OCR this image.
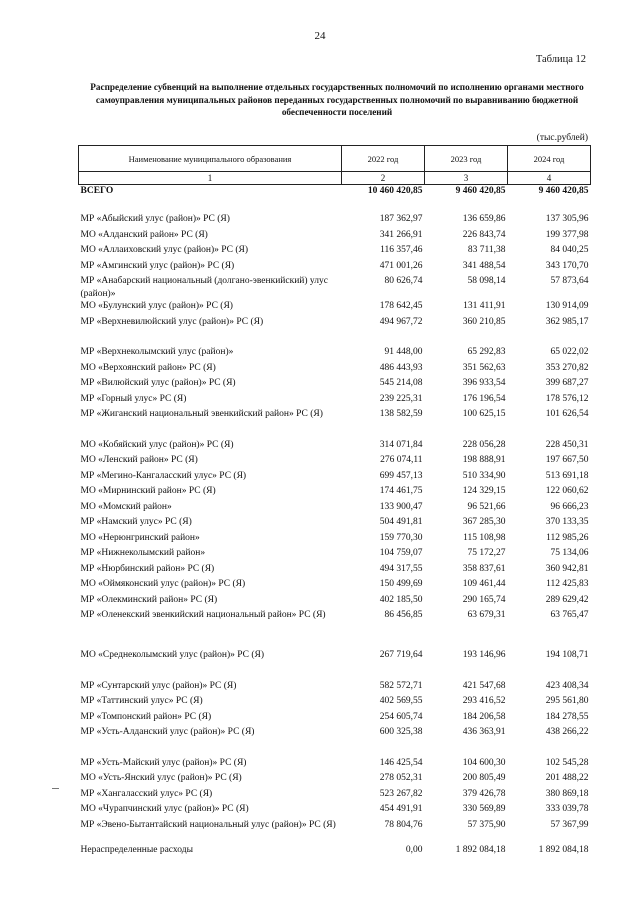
24
Таблица 12
Распределение субвенций на выполнение отдельных государственных полномочий по исполнению органами местного самоуправления муниципальных районов переданных государственных полномочий по выравниванию бюджетной обеспеченности поселений
(тыс.рублей)
Наименование муниципального образования	2022 год	2023 год	2024 год
1	2	3	4
ВСЕГО	10 460 420,85	9 460 420,85	9 460 420,85

МР «Абыйский улус (район)» РС (Я)	187 362,97	136 659,86	137 305,96
МО «Алданский район» РС (Я)	341 266,91	226 843,74	199 377,98
МО «Аллаиховский улус (район)» РС (Я)	116 357,46	83 711,38	84 040,25
МР «Амгинский улус (район)» РС (Я)	471 001,26	341 488,54	343 170,70
МР «Анабарский национальный (долгано-эвенкийский) улус (район)»	80 626,74	58 098,14	57 873,64
МО «Булунский улус (район)» РС (Я)	178 642,45	131 411,91	130 914,09
МР «Верхневилюйский улус (район)» РС (Я)	494 967,72	360 210,85	362 985,17

МР «Верхнеколымский улус (район)»	91 448,00	65 292,83	65 022,02
МО «Верхоянский район» РС (Я)	486 443,93	351 562,63	353 270,82
МР «Вилюйский улус (район)» РС (Я)	545 214,08	396 933,54	399 687,27
МР «Горный улус» РС (Я)	239 225,31	176 196,54	178 576,12
МР «Жиганский национальный эвенкийский район» РС (Я)	138 582,59	100 625,15	101 626,54

МО «Кобяйский улус (район)» РС (Я)	314 071,84	228 056,28	228 450,31
МО «Ленский район» РС (Я)	276 074,11	198 888,91	197 667,50
МР «Мегино-Кангаласский улус» РС (Я)	699 457,13	510 334,90	513 691,18
МО «Мирнинский район» РС (Я)	174 461,75	124 329,15	122 060,62
МО «Момский район»	133 900,47	96 521,66	96 666,23
МР «Намский улус» РС (Я)	504 491,81	367 285,30	370 133,35
МО «Нерюнгринский район»	159 770,30	115 108,98	112 985,26
МР «Нижнеколымский район»	104 759,07	75 172,27	75 134,06
МР «Нюрбинский район» РС (Я)	494 317,55	358 837,61	360 942,81
МО «Оймяконский улус (район)» РС (Я)	150 499,69	109 461,44	112 425,83
МР «Олекминский район» РС (Я)	402 185,50	290 165,74	289 629,42
МР «Оленекский эвенкийский национальный район» РС (Я)	86 456,85	63 679,31	63 765,47

МО «Среднеколымский улус (район)» РС (Я)	267 719,64	193 146,96	194 108,71

МР «Сунтарский улус (район)» РС (Я)	582 572,71	421 547,68	423 408,34
МР «Таттинский улус» РС (Я)	402 569,55	293 416,52	295 561,80
МР «Томпонский район» РС (Я)	254 605,74	184 206,58	184 278,55
МР «Усть-Алданский улус (район)» РС (Я)	600 325,38	436 363,91	438 266,22

МР «Усть-Майский улус (район)» РС (Я)	146 425,54	104 600,30	102 545,28
МО «Усть-Янский улус (район)» РС (Я)	278 052,31	200 805,49	201 488,22
МР «Хангаласский улус» РС (Я)	523 267,82	379 426,78	380 869,18
МО «Чурапчинский улус (район)» РС (Я)	454 491,91	330 569,89	333 039,78
МР «Эвено-Бытантайский национальный улус (район)» РС (Я)	78 804,76	57 375,90	57 367,99
Нераспределенные расходы	0,00	1 892 084,18	1 892 084,18
